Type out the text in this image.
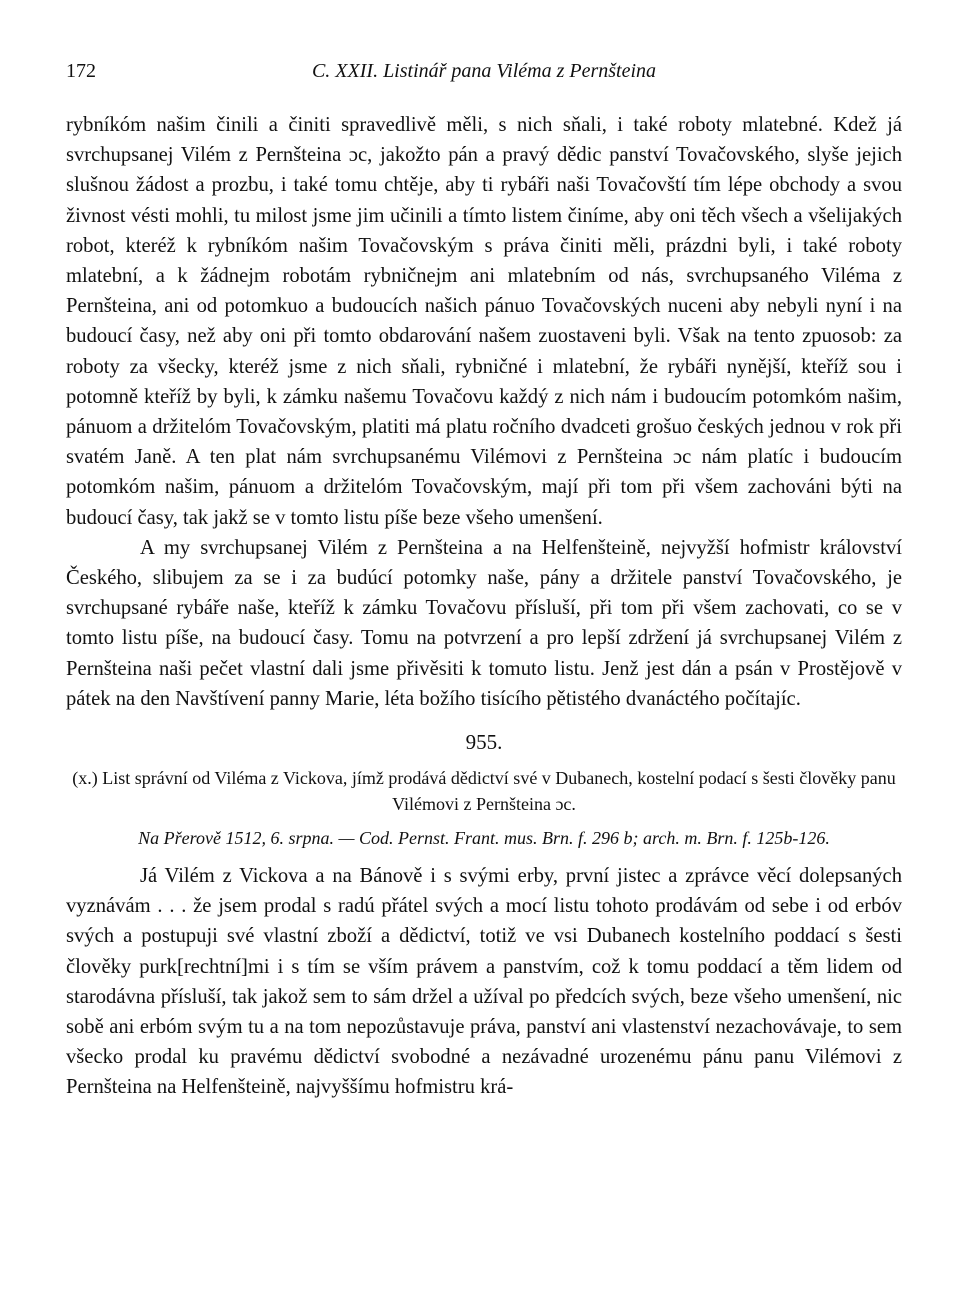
172	C. XXII. Listinář pana Viléma z Pernšteina

rybníkóm našim činili a činiti spravedlivě měli, s nich sňali, i také roboty mlatebné. Kdež já svrchupsanej Vilém z Pernšteina ɔc, jakožto pán a pravý dědic panství Tovačovského, slyše jejich slušnou žádost a prozbu, i také tomu chtěje, aby ti rybáři naši Tovačovští tím lépe obchody a svou živnost vésti mohli, tu milost jsme jim učinili a tímto listem činíme, aby oni těch všech a všelijakých robot, kteréž k rybníkóm našim Tovačovským s práva činiti měli, prázdni byli, i také roboty mlatební, a k žádnejm robotám rybničnejm ani mlatebním od nás, svrchupsaného Viléma z Pernšteina, ani od potomkuo a budoucích našich pánuo Tovačovských nuceni aby nebyli nyní i na budoucí časy, než aby oni při tomto obdarování našem zuostaveni byli. Však na tento zpuosob: za roboty za všecky, kteréž jsme z nich sňali, rybničné i mlatební, že rybáři nynější, kteříž sou i potomně kteříž by byli, k zámku našemu Tovačovu každý z nich nám i budoucím potomkóm našim, pánuom a držitelóm Tovačovským, platiti má platu ročního dvadceti grošuo českých jednou v rok při svatém Janě. A ten plat nám svrchupsanému Vilémovi z Pernšteina ɔc nám platíc i budoucím potomkóm našim, pánuom a držitelóm Tovačovským, mají při tom při všem zachováni býti na budoucí časy, tak jakž se v tomto listu píše beze všeho umenšení.

A my svrchupsanej Vilém z Pernšteina a na Helfenšteině, nejvyžší hofmistr království Českého, slibujem za se i za budúcí potomky naše, pány a držitele panství Tovačovského, je svrchupsané rybáře naše, kteříž k zámku Tovačovu přísluší, při tom při všem zachovati, co se v tomto listu píše, na budoucí časy. Tomu na potvrzení a pro lepší zdržení já svrchupsanej Vilém z Pernšteina naši pečet vlastní dali jsme přivěsiti k tomuto listu. Jenž jest dán a psán v Prostějově v pátek na den Navštívení panny Marie, léta božího tisícího pětistého dvanáctého počítajíc.

955.

(x.) List správní od Viléma z Vickova, jímž prodává dědictví své v Dubanech, kostelní podací s šesti člověky panu Vilémovi z Pernšteina ɔc.

Na Přerově 1512, 6. srpna. — Cod. Pernst. Frant. mus. Brn. f. 296 b; arch. m. Brn. f. 125b-126.

Já Vilém z Vickova a na Bánově i s svými erby, první jistec a zprávce věcí dolepsaných vyznávám . . . že jsem prodal s radú přátel svých a mocí listu tohoto prodávám od sebe i od erbóv svých a postupuji své vlastní zboží a dědictví, totiž ve vsi Dubanech kostelního poddací s šesti člověky purk[rechtní]mi i s tím se vším právem a panstvím, což k tomu poddací a těm lidem od starodávna přísluší, tak jakož sem to sám držel a užíval po předcích svých, beze všeho umenšení, nic sobě ani erbóm svým tu a na tom nepozůstavuje práva, panství ani vlastenství nezachovávaje, to sem všecko prodal ku pravému dědictví svobodné a nezávadné urozenému pánu panu Vilémovi z Pernšteina na Helfenšteině, najvyššímu hofmistru krá-
